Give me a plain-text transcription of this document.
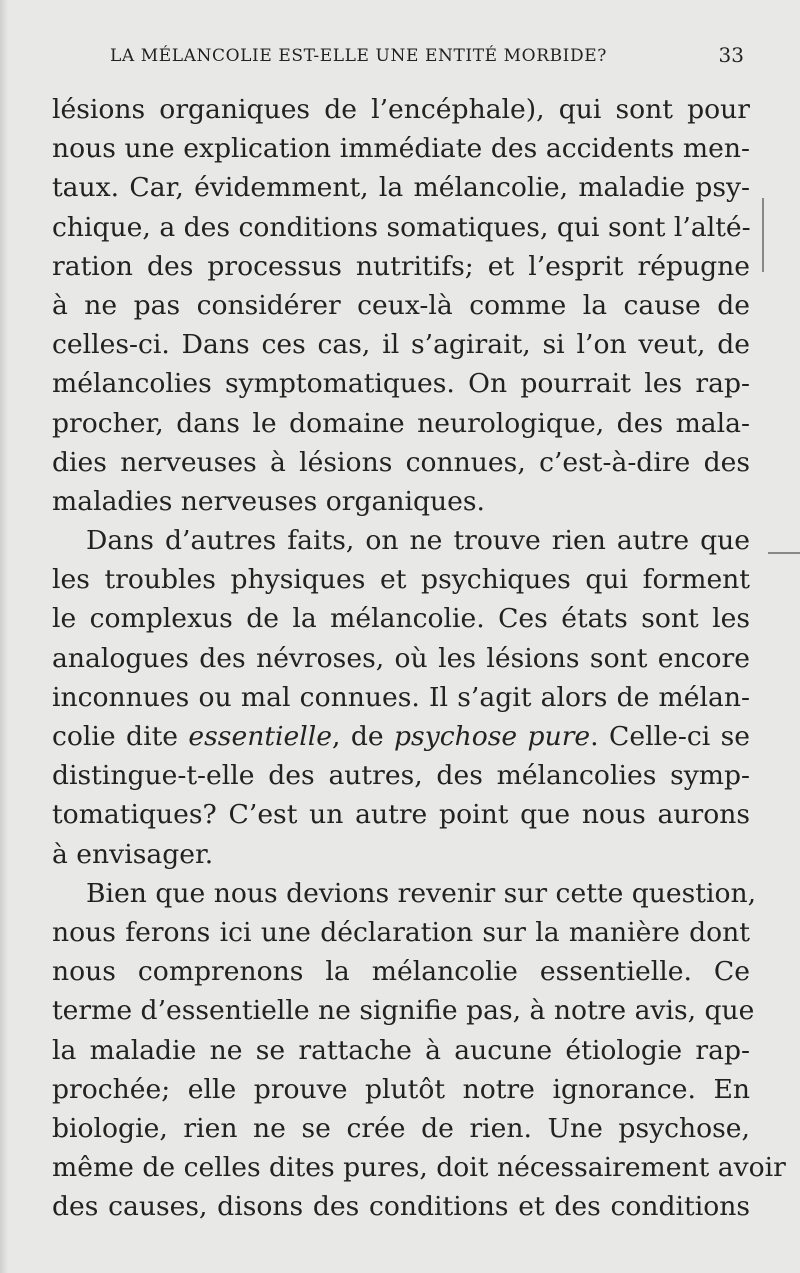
LA MÉLANCOLIE EST-ELLE UNE ENTITÉ MORBIDE?	33
lésions organiques de l’encéphale), qui sont pour
nous une explication immédiate des accidents men-
taux. Car, évidemment, la mélancolie, maladie psy-
chique, a des conditions somatiques, qui sont l’alté-
ration des processus nutritifs; et l’esprit répugne
à ne pas considérer ceux-là comme la cause de
celles-ci. Dans ces cas, il s’agirait, si l’on veut, de
mélancolies symptomatiques. On pourrait les rap-
procher, dans le domaine neurologique, des mala-
dies nerveuses à lésions connues, c’est-à-dire des
maladies nerveuses organiques.
Dans d’autres faits, on ne trouve rien autre que
les troubles physiques et psychiques qui forment
le complexus de la mélancolie. Ces états sont les
analogues des névroses, où les lésions sont encore
inconnues ou mal connues. Il s’agit alors de mélan-
colie dite essentielle, de psychose pure. Celle-ci se
distingue-t-elle des autres, des mélancolies symp-
tomatiques? C’est un autre point que nous aurons
à envisager.
Bien que nous devions revenir sur cette question,
nous ferons ici une déclaration sur la manière dont
nous comprenons la mélancolie essentielle. Ce
terme d’essentielle ne signifie pas, à notre avis, que
la maladie ne se rattache à aucune étiologie rap-
prochée; elle prouve plutôt notre ignorance. En
biologie, rien ne se crée de rien. Une psychose,
même de celles dites pures, doit nécessairement avoir
des causes, disons des conditions et des conditions
